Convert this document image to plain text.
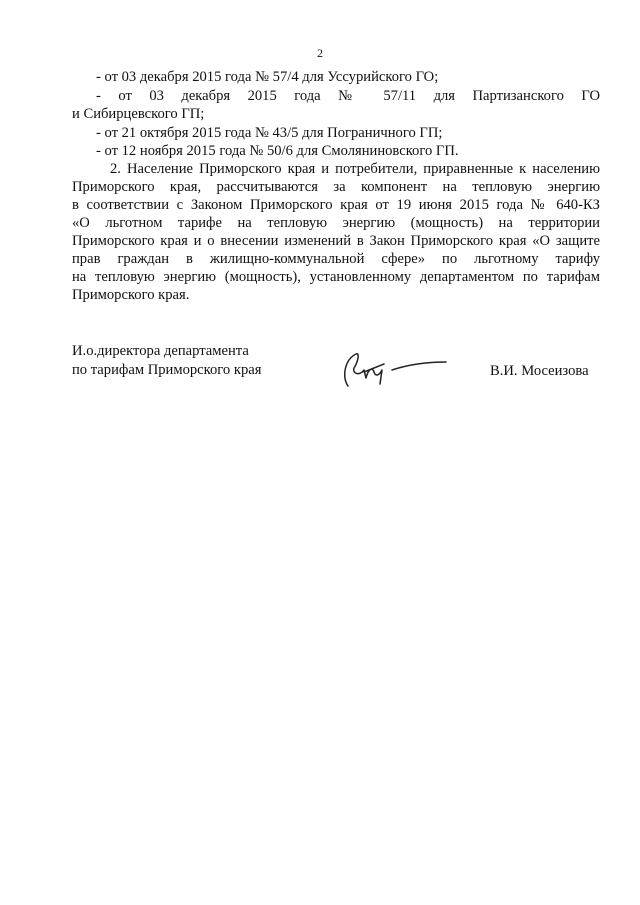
2
- от 03 декабря 2015 года № 57/4 для Уссурийского ГО;
- от 03 декабря 2015 года № 57/11 для Партизанского ГО
и Сибирцевского ГП;
- от 21 октября 2015 года № 43/5 для Пограничного ГП;
- от 12 ноября 2015 года № 50/6 для Смоляниновского ГП.
2. Население Приморского края и потребители, приравненные к населению
Приморского края, рассчитываются за компонент на тепловую энергию
в соответствии с Законом Приморского края от 19 июня 2015 года № 640-КЗ
«О льготном тарифе на тепловую энергию (мощность) на территории
Приморского края и о внесении изменений в Закон Приморского края «О защите
прав граждан в жилищно-коммунальной сфере» по льготному тарифу
на тепловую энергию (мощность), установленному департаментом по тарифам
Приморского края.
И.о.директора департамента
по тарифам Приморского края	В.И. Мосеизова
